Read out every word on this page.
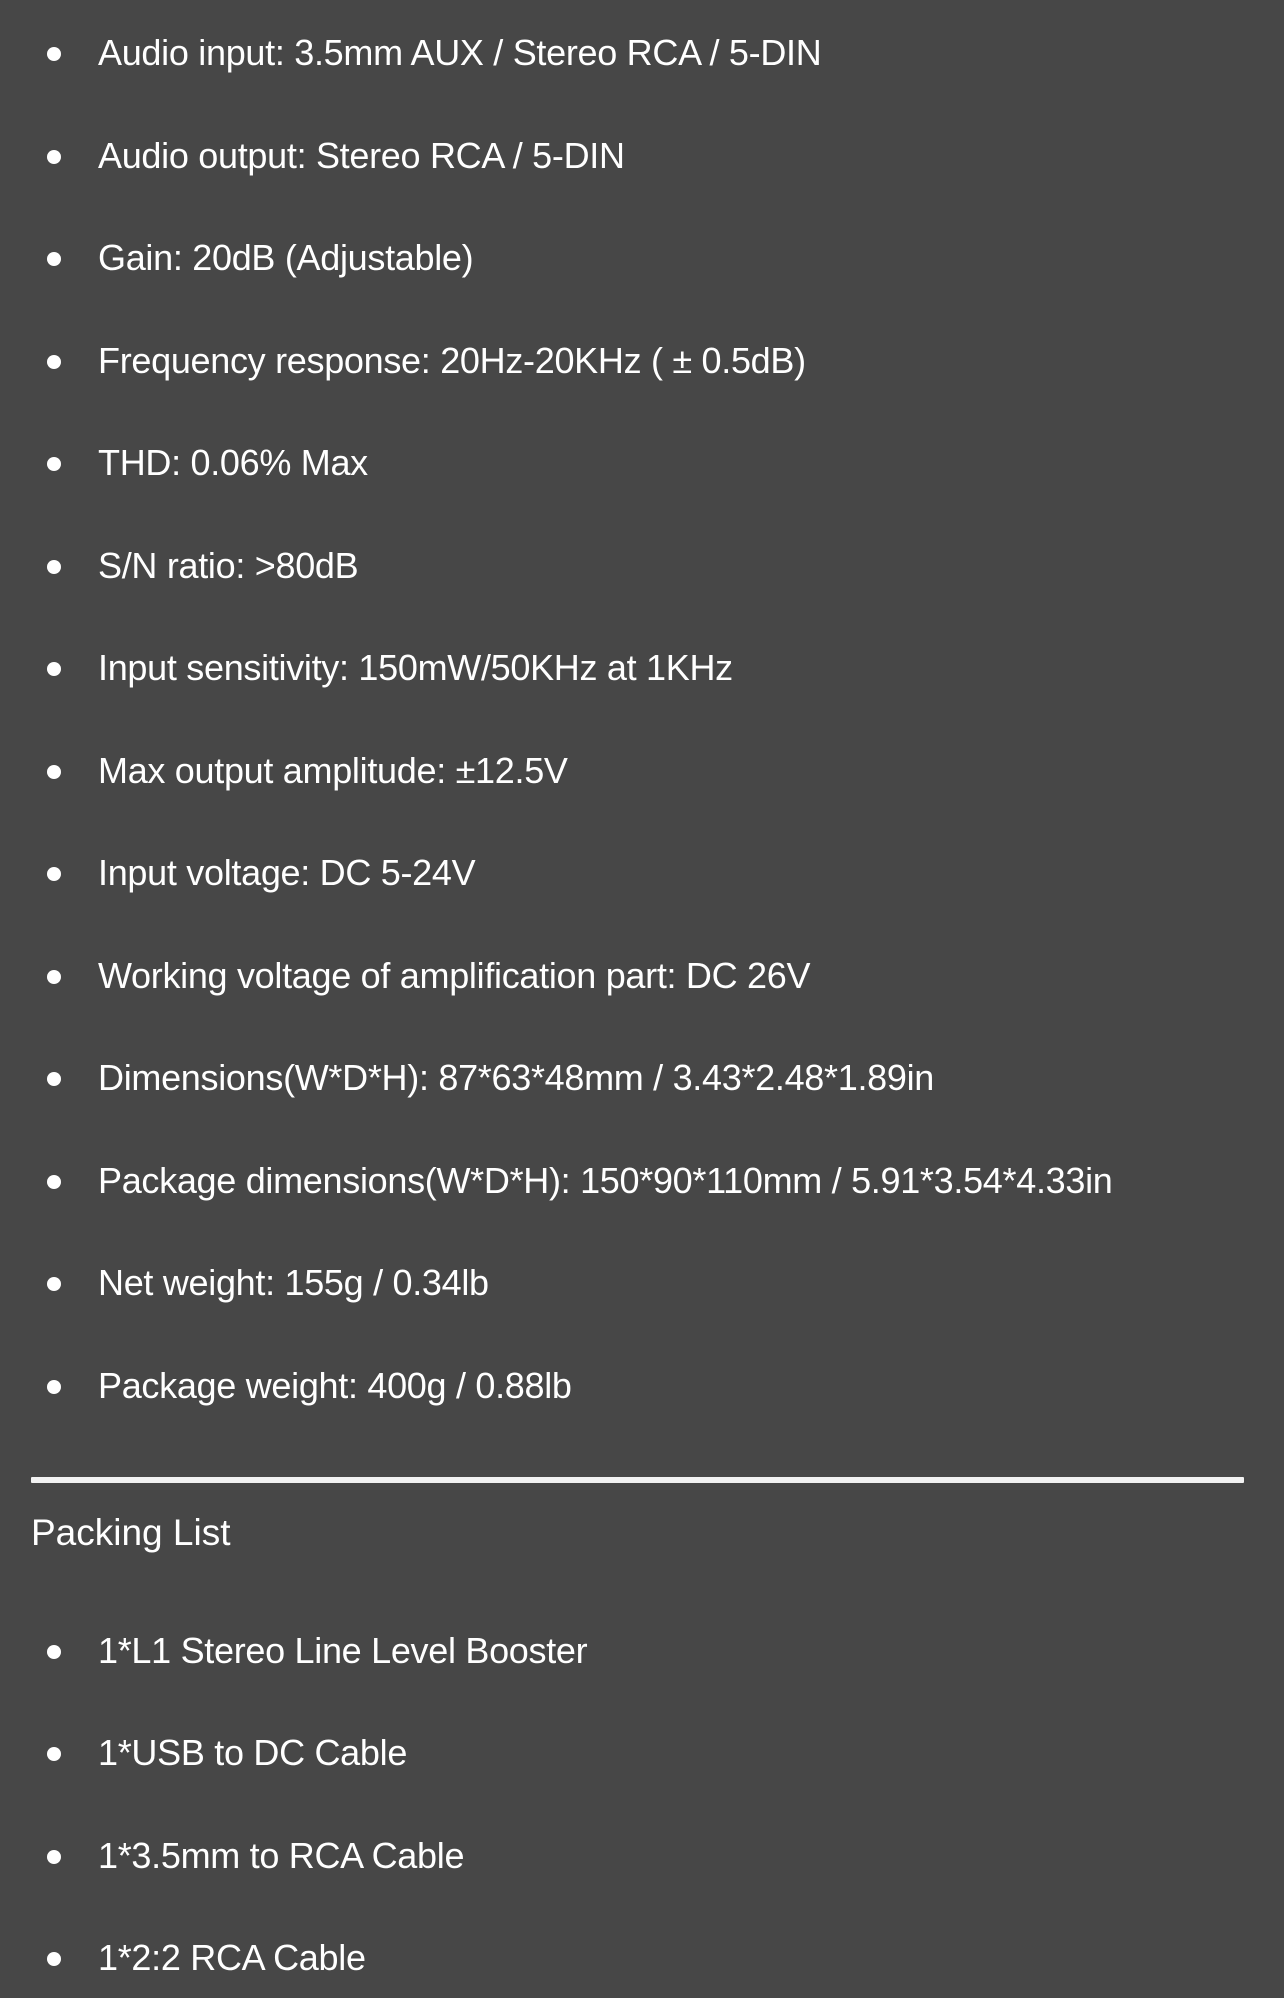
Audio input: 3.5mm AUX / Stereo RCA / 5-DIN
Audio output: Stereo RCA / 5-DIN
Gain: 20dB (Adjustable)
Frequency response: 20Hz-20KHz ( ± 0.5dB)
THD: 0.06% Max
S/N ratio: >80dB
Input sensitivity: 150mW/50KHz at 1KHz
Max output amplitude: ±12.5V
Input voltage: DC 5-24V
Working voltage of amplification part: DC 26V
Dimensions(W*D*H): 87*63*48mm / 3.43*2.48*1.89in
Package dimensions(W*D*H): 150*90*110mm / 5.91*3.54*4.33in
Net weight: 155g / 0.34lb
Package weight: 400g / 0.88lb
Packing List
1*L1 Stereo Line Level Booster
1*USB to DC Cable
1*3.5mm to RCA Cable
1*2:2 RCA Cable
